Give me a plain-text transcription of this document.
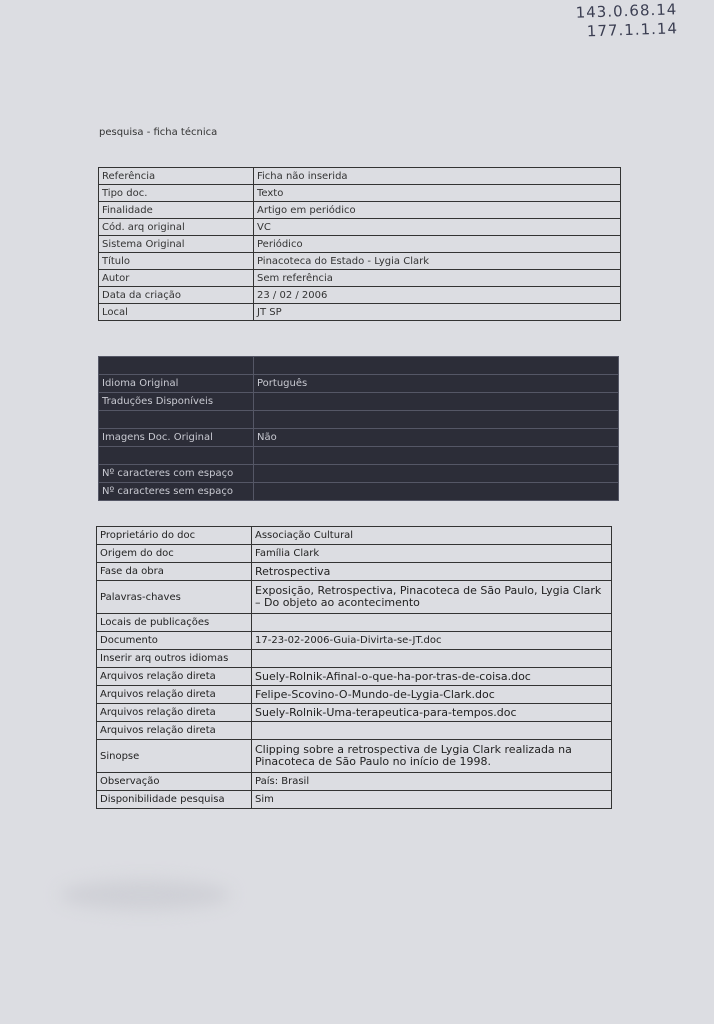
143.0.68.14
177.1.1.14
pesquisa - ficha técnica
Referência	Ficha não inserida
Tipo doc.	Texto
Finalidade	Artigo em periódico
Cód. arq original	VC
Sistema Original	Periódico
Título	Pinacoteca do Estado - Lygia Clark
Autor	Sem referência
Data da criação	23 / 02 / 2006
Local	JT SP

Idioma Original	Português
Traduções Disponíveis	

Imagens Doc. Original	Não

Nº caracteres com espaço	
Nº caracteres sem espaço	
Proprietário do doc	Associação Cultural
Origem do doc	Família Clark
Fase da obra	Retrospectiva
Palavras-chaves	Exposição, Retrospectiva, Pinacoteca de São Paulo, Lygia Clark – Do objeto ao acontecimento
Locais de publicações	
Documento	17-23-02-2006-Guia-Divirta-se-JT.doc
Inserir arq outros idiomas	
Arquivos relação direta	Suely-Rolnik-Afinal-o-que-ha-por-tras-de-coisa.doc
Arquivos relação direta	Felipe-Scovino-O-Mundo-de-Lygia-Clark.doc
Arquivos relação direta	Suely-Rolnik-Uma-terapeutica-para-tempos.doc
Arquivos relação direta	
Sinopse	Clipping sobre a retrospectiva de Lygia Clark realizada na Pinacoteca de São Paulo no início de 1998.
Observação	País: Brasil
Disponibilidade pesquisa	Sim
